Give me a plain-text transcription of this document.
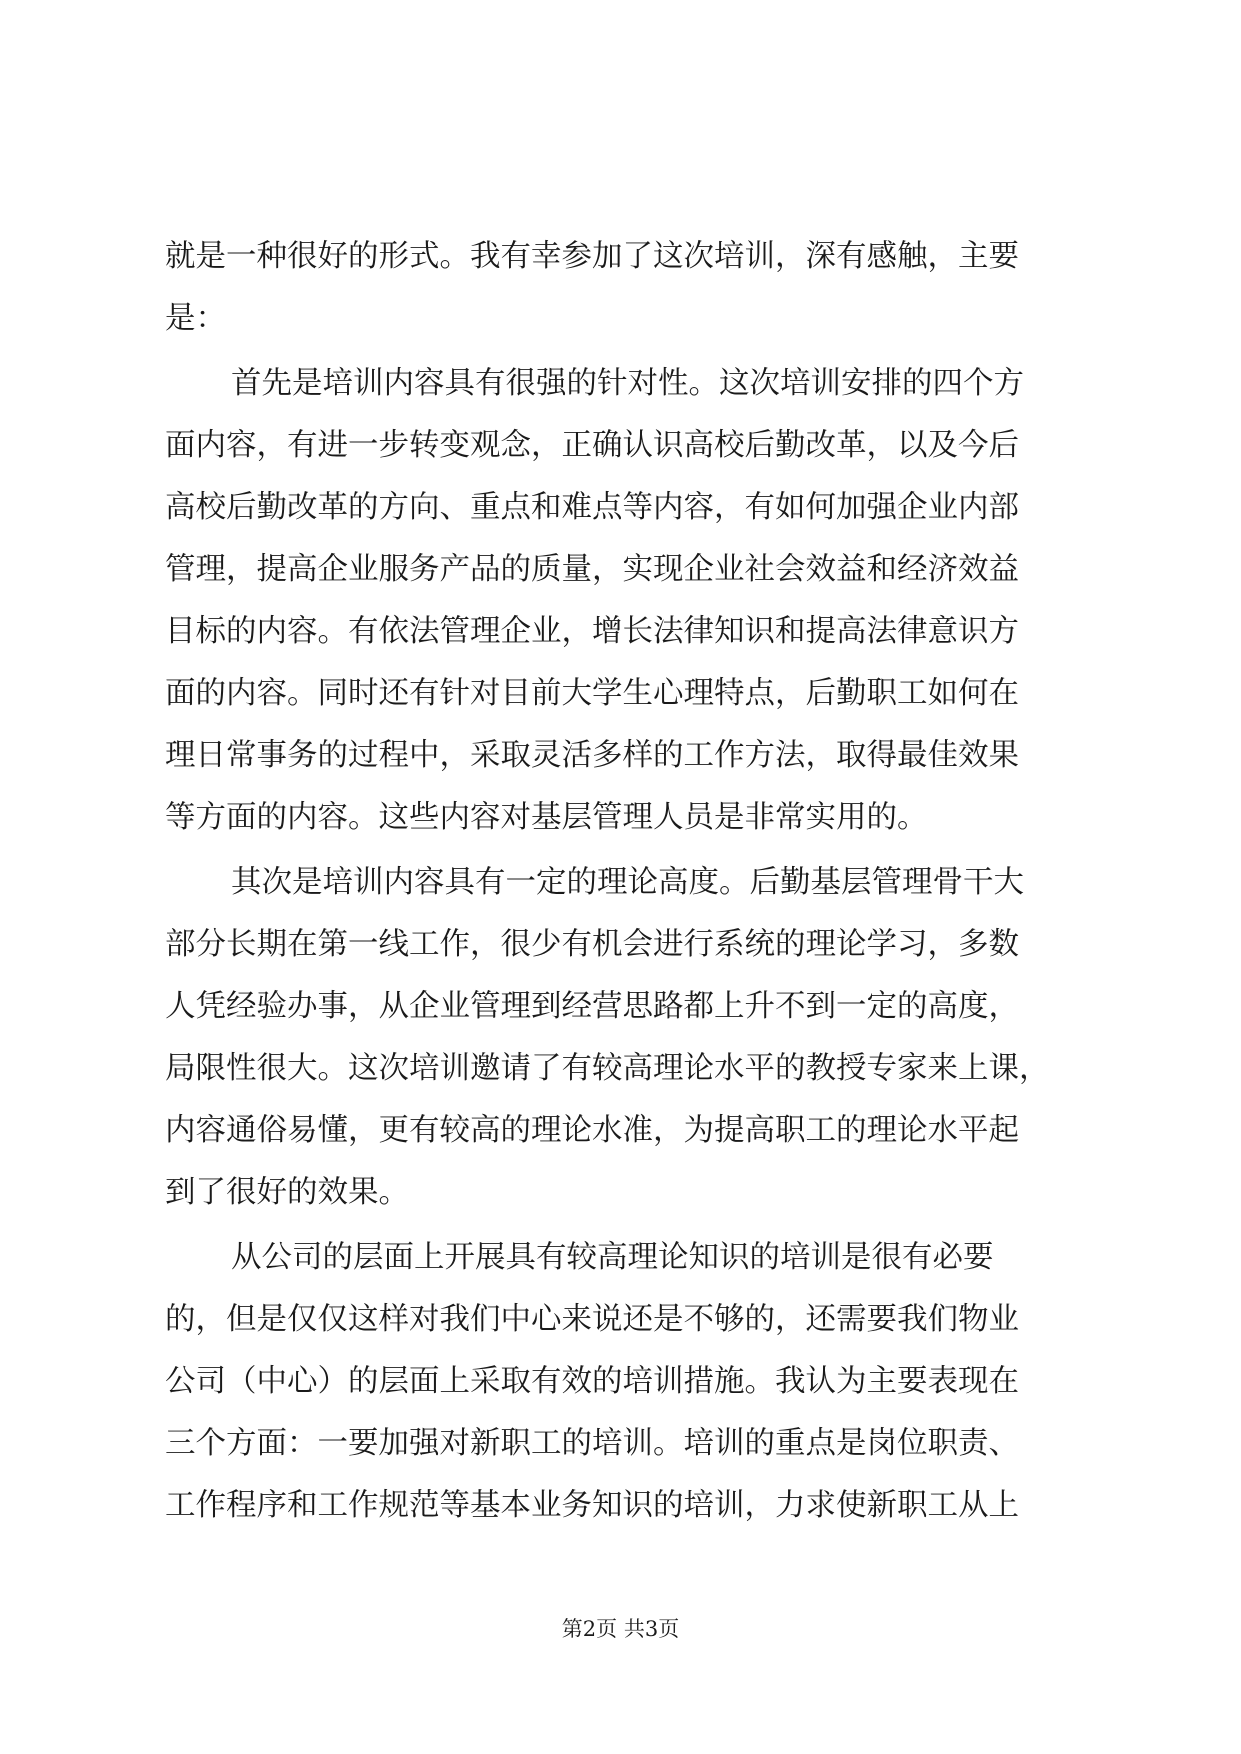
就是一种很好的形式。我有幸参加了这次培训，深有感触，主要
是：
首先是培训内容具有很强的针对性。这次培训安排的四个方
面内容，有进一步转变观念，正确认识高校后勤改革，以及今后
高校后勤改革的方向、重点和难点等内容，有如何加强企业内部
管理，提高企业服务产品的质量，实现企业社会效益和经济效益
目标的内容。有依法管理企业，增长法律知识和提高法律意识方
面的内容。同时还有针对目前大学生心理特点，后勤职工如何在
理日常事务的过程中，采取灵活多样的工作方法，取得最佳效果
等方面的内容。这些内容对基层管理人员是非常实用的。
其次是培训内容具有一定的理论高度。后勤基层管理骨干大
部分长期在第一线工作，很少有机会进行系统的理论学习，多数
人凭经验办事，从企业管理到经营思路都上升不到一定的高度，
局限性很大。这次培训邀请了有较高理论水平的教授专家来上课，
内容通俗易懂，更有较高的理论水准，为提高职工的理论水平起
到了很好的效果。
从公司的层面上开展具有较高理论知识的培训是很有必要
的，但是仅仅这样对我们中心来说还是不够的，还需要我们物业
公司（中心）的层面上采取有效的培训措施。我认为主要表现在
三个方面：一要加强对新职工的培训。培训的重点是岗位职责、
工作程序和工作规范等基本业务知识的培训，力求使新职工从上
第2页 共3页
